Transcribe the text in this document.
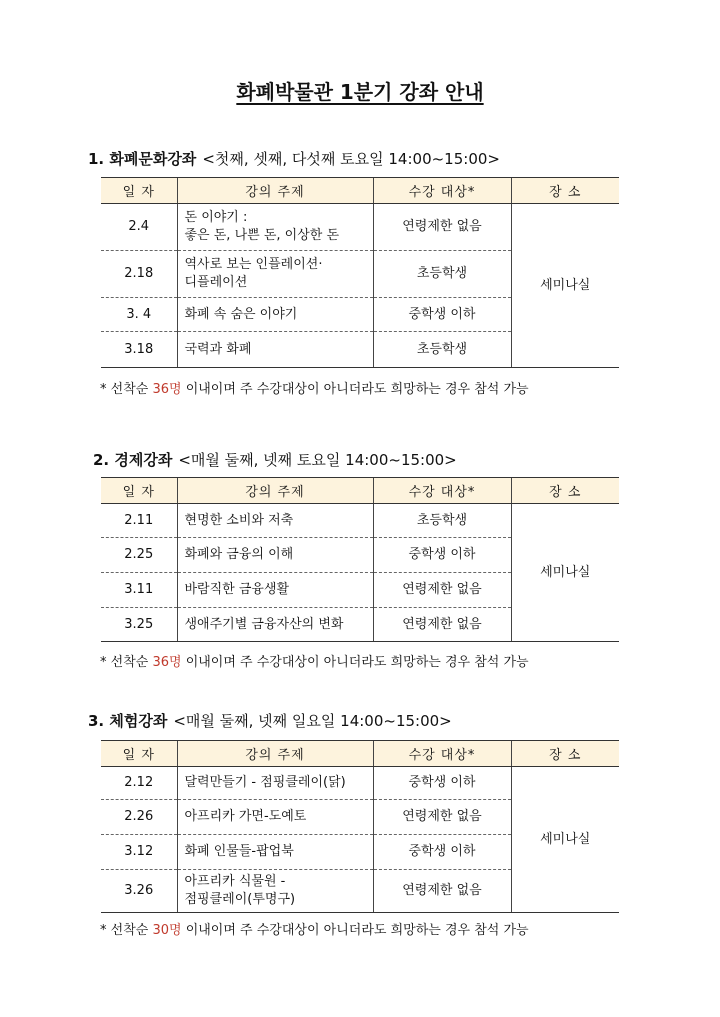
화폐박물관 1분기 강좌 안내
1. 화폐문화강좌 <첫째, 셋째, 다섯째 토요일 14:00~15:00>
일 자	강의 주제	수강 대상*	장 소
2.4	돈 이야기 :
좋은 돈, 나쁜 돈, 이상한 돈	연령제한 없음	세미나실
2.18	역사로 보는 인플레이션·
디플레이션	초등학생	
3. 4	화폐 속 숨은 이야기	중학생 이하	
3.18	국력과 화폐	초등학생	
* 선착순 36명 이내이며 주 수강대상이 아니더라도 희망하는 경우 참석 가능
2. 경제강좌 <매월 둘째, 넷째 토요일 14:00~15:00>
일 자	강의 주제	수강 대상*	장 소
2.11	현명한 소비와 저축	초등학생	세미나실
2.25	화폐와 금융의 이해	중학생 이하	
3.11	바람직한 금융생활	연령제한 없음	
3.25	생애주기별 금융자산의 변화	연령제한 없음	
* 선착순 36명 이내이며 주 수강대상이 아니더라도 희망하는 경우 참석 가능
3. 체험강좌 <매월 둘째, 넷째 일요일 14:00~15:00>
일 자	강의 주제	수강 대상*	장 소
2.12	달력만들기 - 점핑클레이(닭)	중학생 이하	세미나실
2.26	아프리카 가면-도예토	연령제한 없음	
3.12	화폐 인물들-팝업북	중학생 이하	
3.26	아프리카 식물원 -
점핑클레이(투명구)	연령제한 없음	
* 선착순 30명 이내이며 주 수강대상이 아니더라도 희망하는 경우 참석 가능
